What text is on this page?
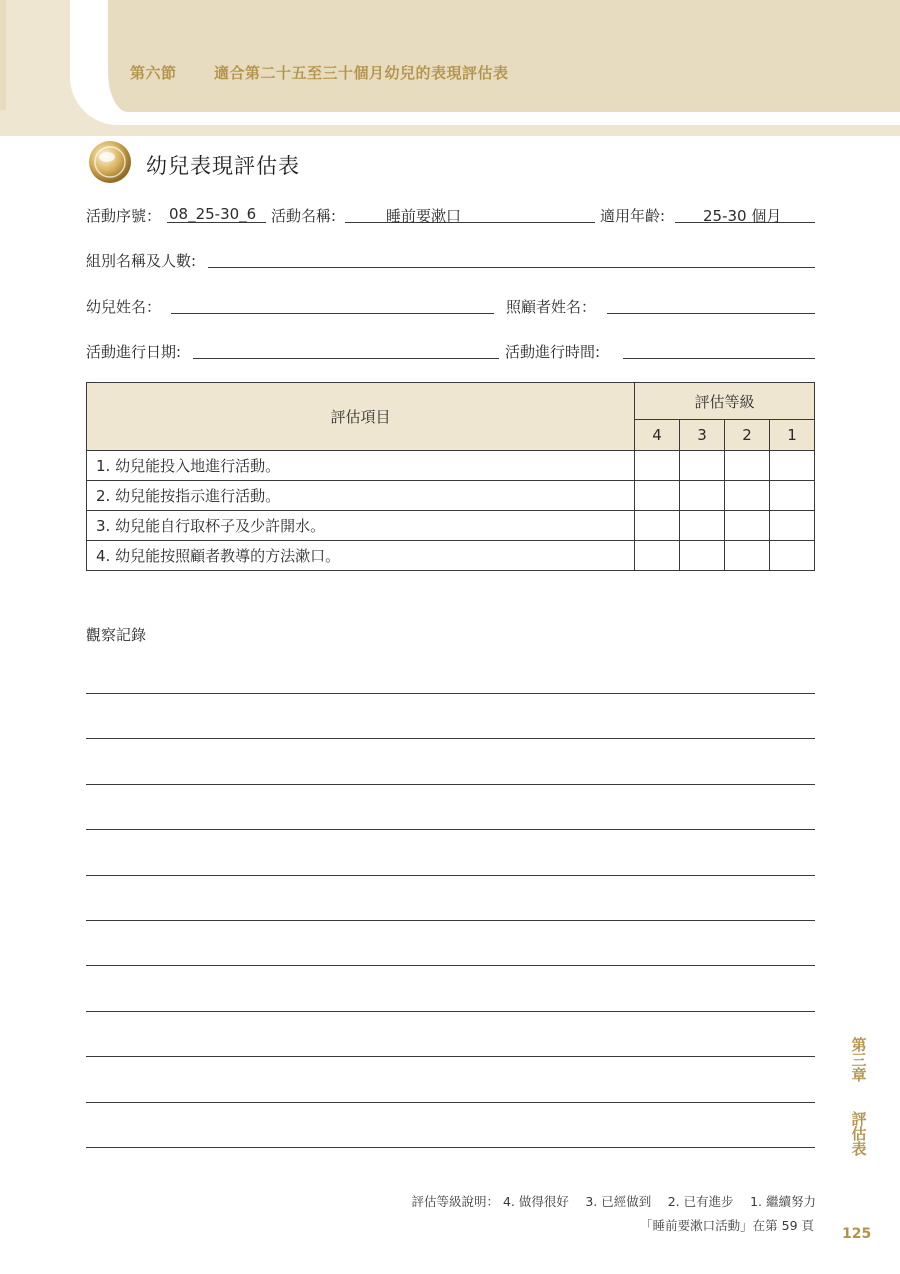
第六節 適合第二十五至三十個月幼兒的表現評估表
幼兒表現評估表
活動序號： 08_25-30_6 活動名稱:	睡前要漱口	適用年齡:	25-30 個月
組別名稱及人數:
幼兒姓名：	照顧者姓名：
活動進行日期:	活動進行時間:
評估項目	評估等級			
	4	3	2	1
1. 幼兒能投入地進行活動。				
2. 幼兒能按指示進行活動。				
3. 幼兒能自行取杯子及少許開水。				
4. 幼兒能按照顧者教導的方法漱口。				
觀察記錄
第三章
評估表
評估等級說明： 4. 做得很好　 3. 已經做到　 2. 已有進步　 1. 繼續努力
「睡前要漱口活動」在第 59 頁
125
